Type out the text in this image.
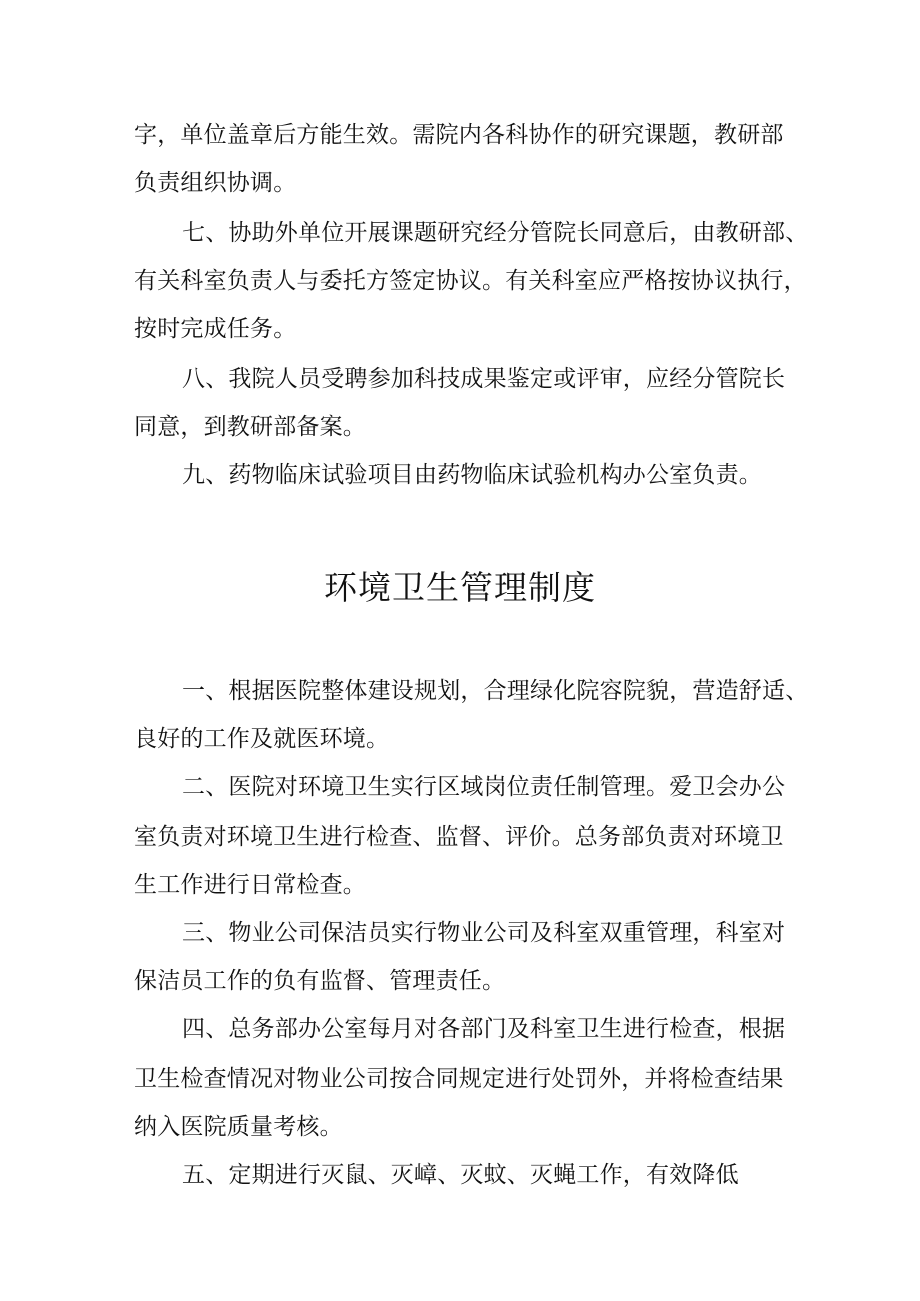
字，单位盖章后方能生效。需院内各科协作的研究课题，教研部
负责组织协调。
七、协助外单位开展课题研究经分管院长同意后，由教研部、
有关科室负责人与委托方签定协议。有关科室应严格按协议执行，
按时完成任务。
八、我院人员受聘参加科技成果鉴定或评审，应经分管院长
同意，到教研部备案。
九、药物临床试验项目由药物临床试验机构办公室负责。
环境卫生管理制度
一、根据医院整体建设规划，合理绿化院容院貌，营造舒适、
良好的工作及就医环境。
二、医院对环境卫生实行区域岗位责任制管理。爱卫会办公
室负责对环境卫生进行检查、监督、评价。总务部负责对环境卫
生工作进行日常检查。
三、物业公司保洁员实行物业公司及科室双重管理，科室对
保洁员工作的负有监督、管理责任。
四、总务部办公室每月对各部门及科室卫生进行检查，根据
卫生检查情况对物业公司按合同规定进行处罚外，并将检查结果
纳入医院质量考核。
五、定期进行灭鼠、灭嶂、灭蚊、灭蝇工作，有效降低
